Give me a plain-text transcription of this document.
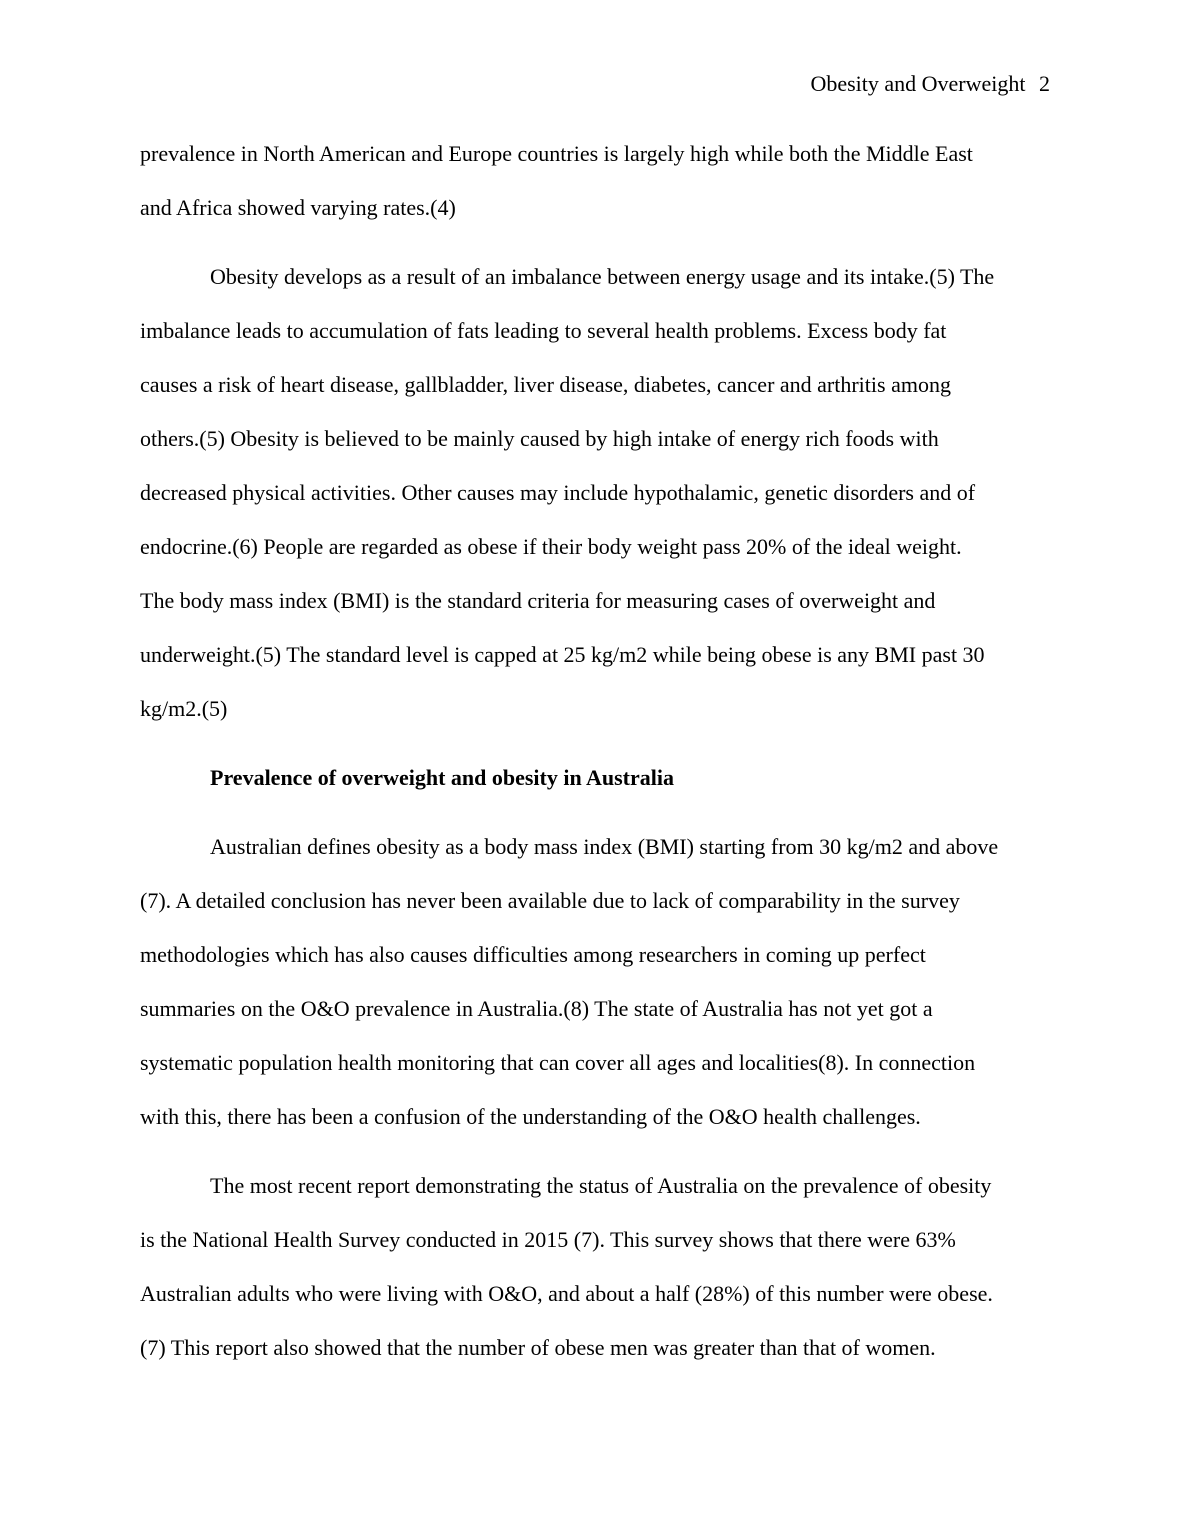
Obesity and Overweight 2
prevalence in North American and Europe countries is largely high while both the Middle East
and Africa showed varying rates.(4)
Obesity develops as a result of an imbalance between energy usage and its intake.(5) The
imbalance leads to accumulation of fats leading to several health problems. Excess body fat
causes a risk of heart disease, gallbladder, liver disease, diabetes, cancer and arthritis among
others.(5) Obesity is believed to be mainly caused by high intake of energy rich foods with
decreased physical activities. Other causes may include hypothalamic, genetic disorders and of
endocrine.(6) People are regarded as obese if their body weight pass 20% of the ideal weight.
The body mass index (BMI) is the standard criteria for measuring cases of overweight and
underweight.(5) The standard level is capped at 25 kg/m2 while being obese is any BMI past 30
kg/m2.(5)
Prevalence of overweight and obesity in Australia
Australian defines obesity as a body mass index (BMI) starting from 30 kg/m2 and above
(7). A detailed conclusion has never been available due to lack of comparability in the survey
methodologies which has also causes difficulties among researchers in coming up perfect
summaries on the O&O prevalence in Australia.(8) The state of Australia has not yet got a
systematic population health monitoring that can cover all ages and localities(8). In connection
with this, there has been a confusion of the understanding of the O&O health challenges.
The most recent report demonstrating the status of Australia on the prevalence of obesity
is the National Health Survey conducted in 2015 (7). This survey shows that there were 63%
Australian adults who were living with O&O, and about a half (28%) of this number were obese.
(7) This report also showed that the number of obese men was greater than that of women.
